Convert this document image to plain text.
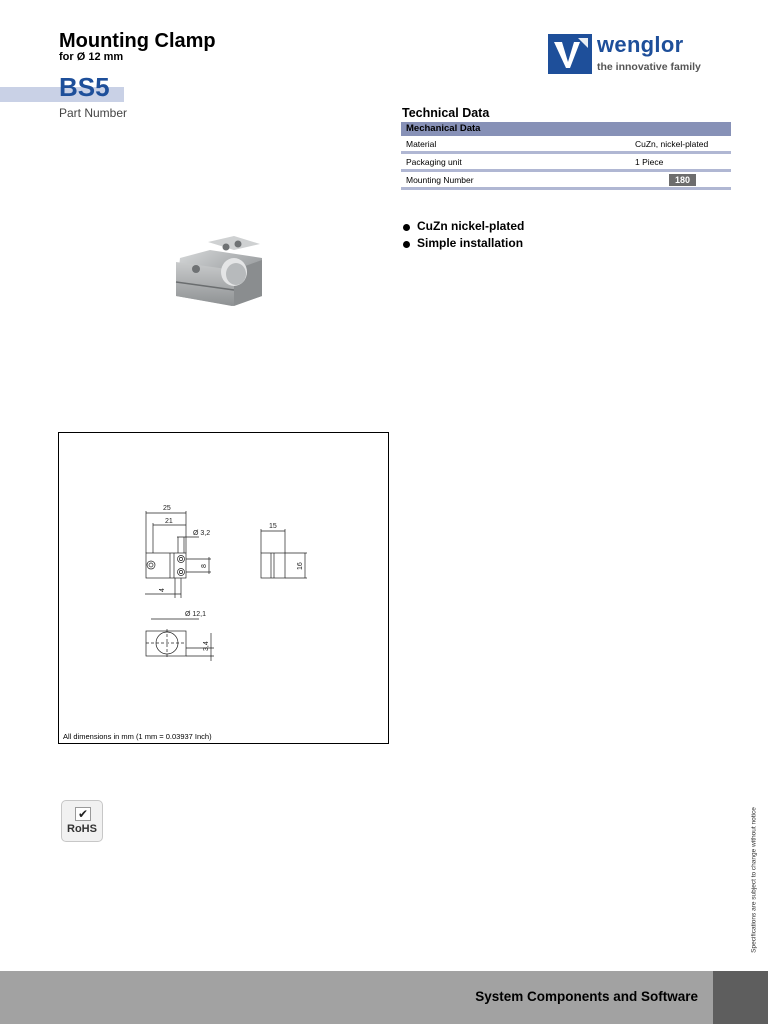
Mounting Clamp
for Ø 12 mm
BS5
Part Number
wenglor
the innovative family
Technical Data
Mechanical Data
Material	CuZn, nickel-plated
Packaging unit	1 Piece
Mounting Number	180
CuZn nickel-plated
Simple installation
25
21
Ø 3,2
8
4
15
16
Ø 12,1
3,4
All dimensions in mm (1 mm = 0.03937 Inch)
✔
RoHS	Specifications are subject to change without notice
System Components and Software
